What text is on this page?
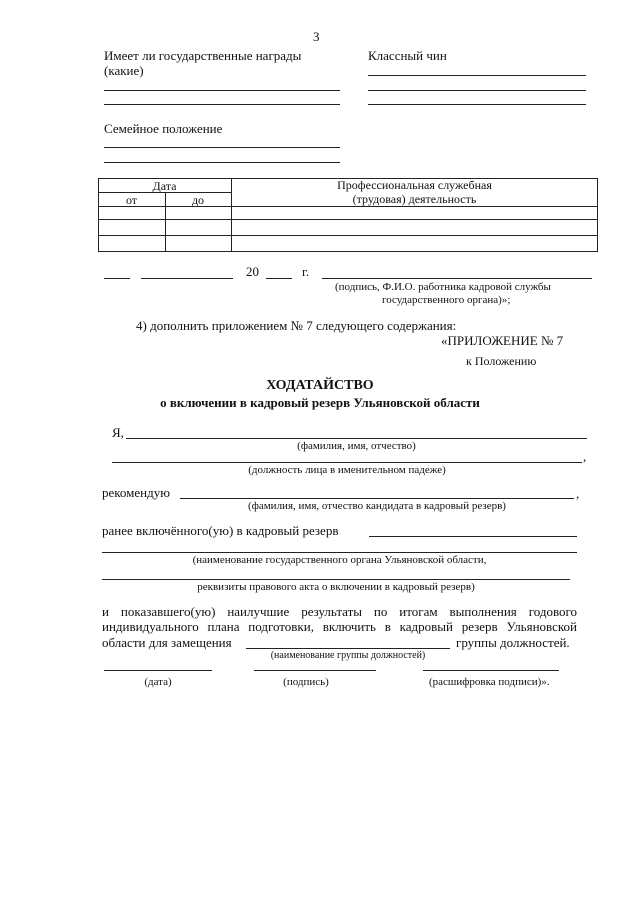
3
Имеет ли государственные награды
(какие)
Классный чин
Семейное положение
Дата
от	до
Профессиональная служебная
(трудовая) деятельность
20	г.
(подпись, Ф.И.О. работника кадровой службы
государственного органа)»;
4) дополнить приложением № 7 следующего содержания:
«ПРИЛОЖЕНИЕ № 7
к Положению
ХОДАТАЙСТВО
о включении в кадровый резерв Ульяновской области
Я,
(фамилия, имя, отчество)
,
(должность лица в именительном падеже)
рекомендую	,
(фамилия, имя, отчество кандидата в кадровый резерв)
ранее включённого(ую) в кадровый резерв
(наименование государственного органа Ульяновской области,
реквизиты правового акта о включении в кадровый резерв)
и показавшего(ую) наилучшие результаты по итогам выполнения годового
индивидуального плана подготовки, включить в кадровый резерв Ульяновской
области для замещения	группы должностей.
(наименование группы должностей)
(дата)	(подпись)	(расшифровка подписи)».
